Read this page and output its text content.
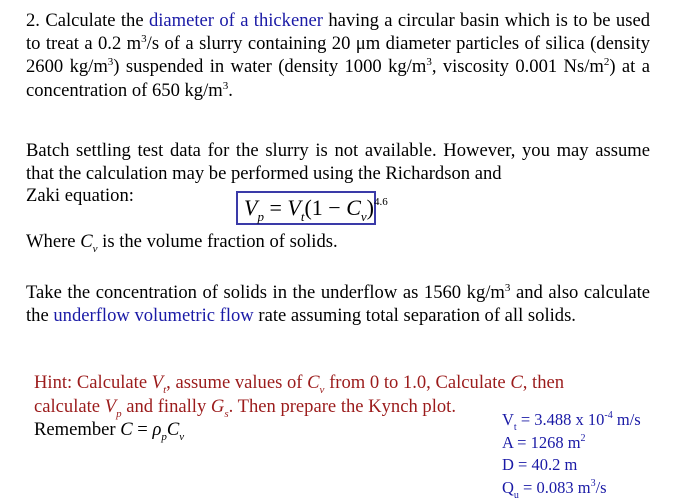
2. Calculate the diameter of a thickener having a circular basin which is to be used to treat a 0.2 $m^3/s$ of a slurry containing 20 μm diameter particles of silica (density 2600 $kg/m^3$) suspended in water (density 1000 $kg/m^3$, viscosity 0.001 $Ns/m^2$) at a concentration of 650 $kg/m^3$.
Batch settling test data for the slurry is not available. However, you may assume that the calculation may be performed using the Richardson and
Zaki equation:	$V_p = V_t(1 - C_v)^{4.6}$
Where $C_v$ is the volume fraction of solids.
Take the concentration of solids in the underflow as 1560 $kg/m^3$ and also calculate the underflow volumetric flow rate assuming total separation of all solids.
Hint: Calculate $V_t$, assume values of $C_v$ from 0 to 1.0, Calculate C, then
calculate $V_p$ and finally $G_s$. Then prepare the Kynch plot.
Remember $C = \rho_pC_v$
$V_t = 3.488$ x $10^{-4}$ m/s
A = 1268 $m^2$
D = 40.2 m
$Q_u = 0.083$ $m^3/s$
